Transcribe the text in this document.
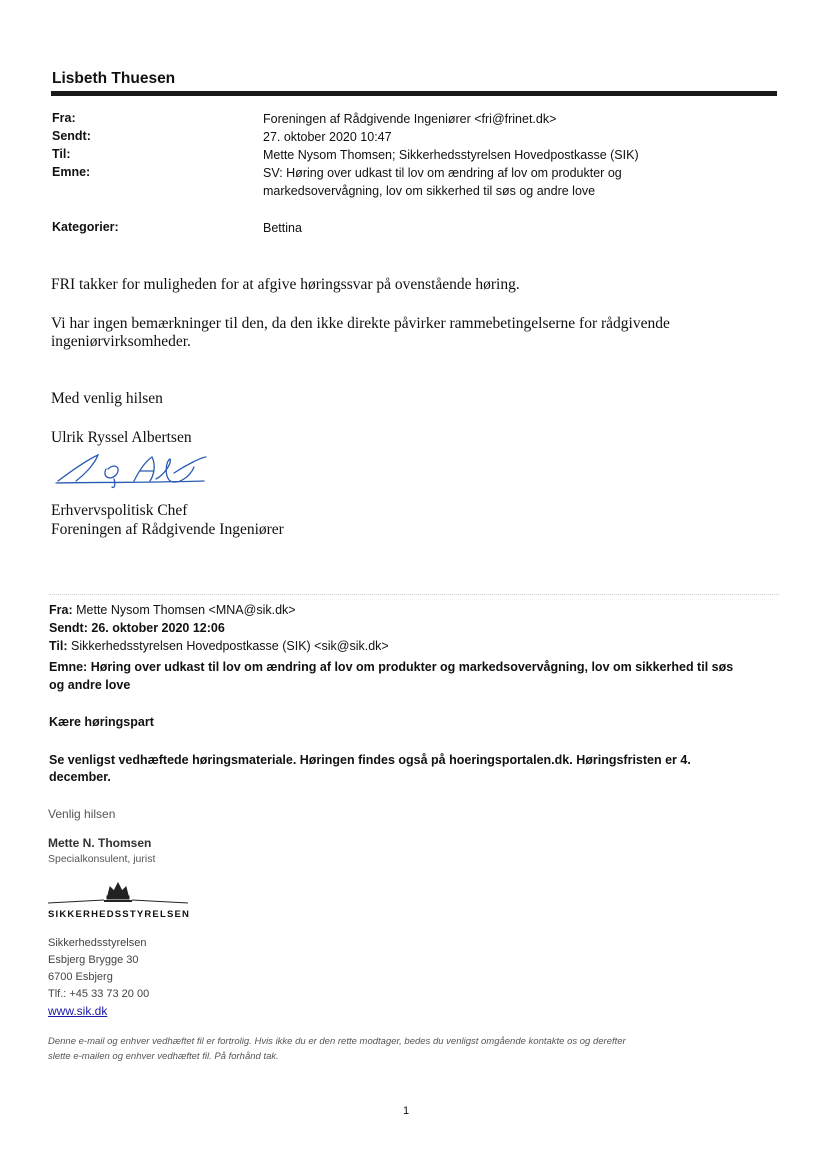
Lisbeth Thuesen
Fra:	Foreningen af Rådgivende Ingeniører <fri@frinet.dk>
Sendt:	27. oktober 2020 10:47
Til:	Mette Nysom Thomsen; Sikkerhedsstyrelsen Hovedpostkasse (SIK)
Emne:	SV: Høring over udkast til lov om ændring af lov om produkter og
markedsovervågning, lov om sikkerhed til søs og andre love
Kategorier:	Bettina
FRI takker for muligheden for at afgive høringssvar på ovenstående høring.
Vi har ingen bemærkninger til den, da den ikke direkte påvirker rammebetingelserne for rådgivende
ingeniørvirksomheder.
Med venlig hilsen
Ulrik Ryssel Albertsen
Erhvervspolitisk Chef
Foreningen af Rådgivende Ingeniører
Fra: Mette Nysom Thomsen <MNA@sik.dk>
Sendt: 26. oktober 2020 12:06
Til: Sikkerhedsstyrelsen Hovedpostkasse (SIK) <sik@sik.dk>
Emne: Høring over udkast til lov om ændring af lov om produkter og markedsovervågning, lov om sikkerhed til søs
og andre love
Kære høringspart
Se venligst vedhæftede høringsmateriale. Høringen findes også på hoeringsportalen.dk. Høringsfristen er 4.
december.
Venlig hilsen
Mette N. Thomsen
Specialkonsulent, jurist
SIKKERHEDSSTYRELSEN
Sikkerhedsstyrelsen
Esbjerg Brygge 30
6700 Esbjerg
Tlf.: +45 33 73 20 00
www.sik.dk
Denne e-mail og enhver vedhæftet fil er fortrolig. Hvis ikke du er den rette modtager, bedes du venligst omgående kontakte os og derefter
slette e-mailen og enhver vedhæftet fil. På forhånd tak.
1
